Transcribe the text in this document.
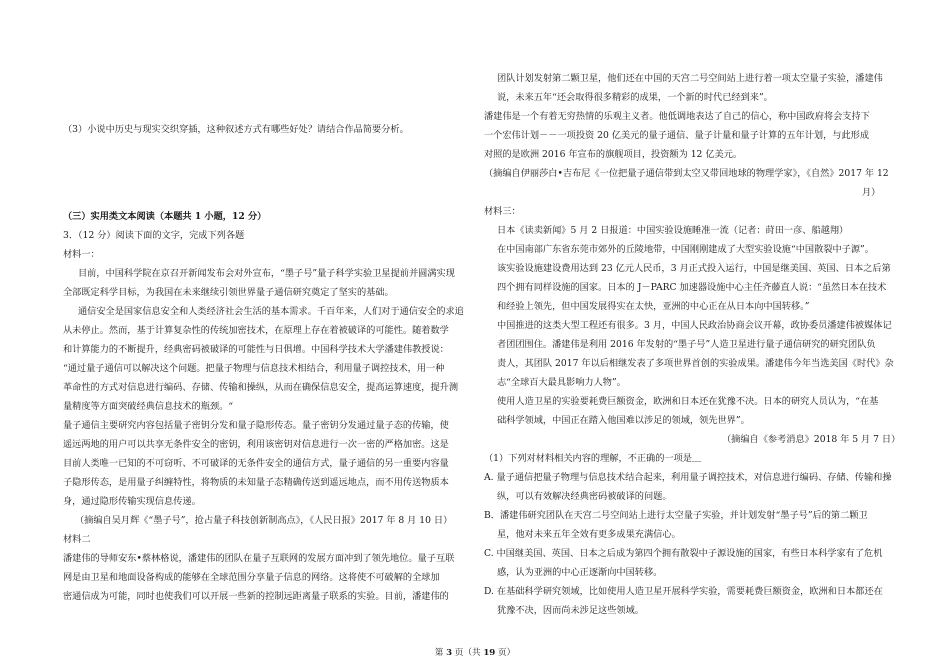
（3）小说中历史与现实交织穿插，这种叙述方式有哪些好处？请结合作品简要分析。
（三）实用类文本阅读（本题共 1 小题，12 分）
3．（12 分）阅读下面的文字，完成下列各题
材料一：
目前，中国科学院在京召开新闻发布会对外宣布，“墨子号”量子科学实验卫星提前并圆满实现
全部既定科学目标，为我国在未来继续引领世界量子通信研究奠定了坚实的基础。
通信安全是国家信息安全和人类经济社会生活的基本需求。千百年来，人们对于通信安全的求追
从未停止。然而，基于计算复杂性的传统加密技术，在原理上存在着被破译的可能性。随着数学
和计算能力的不断提升，经典密码被破译的可能性与日俱增。中国科学技术大学潘建伟教授说：
“通过量子通信可以解决这个问题。把量子物理与信息技术相结合，利用量子调控技术，用一种
革命性的方式对信息进行编码、存储、传输和操纵，从而在确保信息安全，提高运算速度，提升测
量精度等方面突破经典信息技术的瓶颈。“
量子通信主要研究内容包括量子密钥分发和量子隐形传态。量子密钥分发通过量子态的传输，使
遥远两地的用户可以共享无条件安全的密钥，利用该密钥对信息进行一次一密的严格加密。这是
目前人类唯一已知的不可窃听、不可破译的无条件安全的通信方式，量子通信的另一重要内容量
子隐形传态，是用量子纠缠特性，将物质的未知量子态精确传送到遥远地点，而不用传送物质本
身，通过隐形传输实现信息传递。
（摘编自吴月辉《“墨子号”，抢占量子科技创新制高点》，《人民日报》2017 年 8 月 10 日）
材料二
潘建伟的导师安东•蔡林格说，潘建伟的团队在量子互联网的发展方面冲到了领先地位。量子互联
网是由卫星和地面设备构成的能够在全球范围分享量子信息的网络。这将使不可破解的全球加
密通信成为可能，同时也使我们可以开展一些新的控制远距离量子联系的实验。目前，潘建伟的
团队计划发射第二颗卫星，他们还在中国的天宫二号空间站上进行着一项太空量子实验，潘建伟
说，未来五年“还会取得很多精彩的成果，一个新的时代已经到来”。
潘建伟是一个有着无穷热情的乐观主义者。他低调地表达了自己的信心，称中国政府将会支持下
一个宏伟计划－－一项投资 20 亿美元的量子通信、量子计量和量子计算的五年计划，与此形成
对照的是欧洲 2016 年宣布的旗舰项目，投资额为 12 亿美元。
（摘编自伊丽莎白•吉布尼《一位把量子通信带到太空又带回地球的物理学家》，《自然》2017 年 12
月）
材料三：
日本《读卖新闻》5 月 2 日报道：中国实验设施睡准一流（记者：莳田一彦、船越翔）
在中国南部广东省东莞市郊外的丘陵地带，中国刚刚建成了大型实验设施“中国散裂中子源”。
该实验设施建设费用达到 23 亿元人民币，3 月正式投入运行，中国是继美国、英国、日本之后第
四个拥有同样设施的国家。日本的 J－PARC 加速器设施中心主任齐藤直人说：“虽然日本在技术
和经验上领先，但中国发展得实在太快，亚洲的中心正在从日本向中国转移。”
中国推进的这类大型工程还有很多。3 月，中国人民政治协商会议开幕，政协委员潘建伟被媒体记
者团团围住。潘建伟是利用 2016 年发射的“墨子号”人造卫星进行量子通信研究的研究团队负
责人，其团队 2017 年以后相继发表了多项世界首创的实验成果。潘建伟今年当选美国《时代》杂
志“全球百大最具影响力人物”。
使用人造卫星的实验要耗费巨额资金，欧洲和日本还在犹豫不决。日本的研究人员认为，“在基
础科学领域，中国正在踏入他国难以涉足的领域，领先世界”。
（摘编自《参考消息》2018 年 5 月 7 日）
（1）下列对材料相关内容的理解，不正确的一项是＿
A. 量子通信把量子物理与信息技术结合起来，利用量子调控技术，对信息进行编码、存储、传输和操
纵，可以有效解决经典密码被破译的问题。
B．潘建伟研究团队在天宫二号空间站上进行太空量子实验，并计划发射“墨子号”后的第二颗卫
星，他对未来五年全效有更多成果充满信心。
C. 中国继美国、英国、日本之后成为第四个拥有散裂中子源设施的国家，有些日本科学家有了危机
感，认为亚洲的中心正逐渐向中国转移。
D. 在基础科学研究领域，比如使用人造卫星开展科学实验，需要耗费巨额资金，欧洲和日本都还在
犹豫不决，因而尚未涉足这些领域。
第 3 页（共 19 页）
